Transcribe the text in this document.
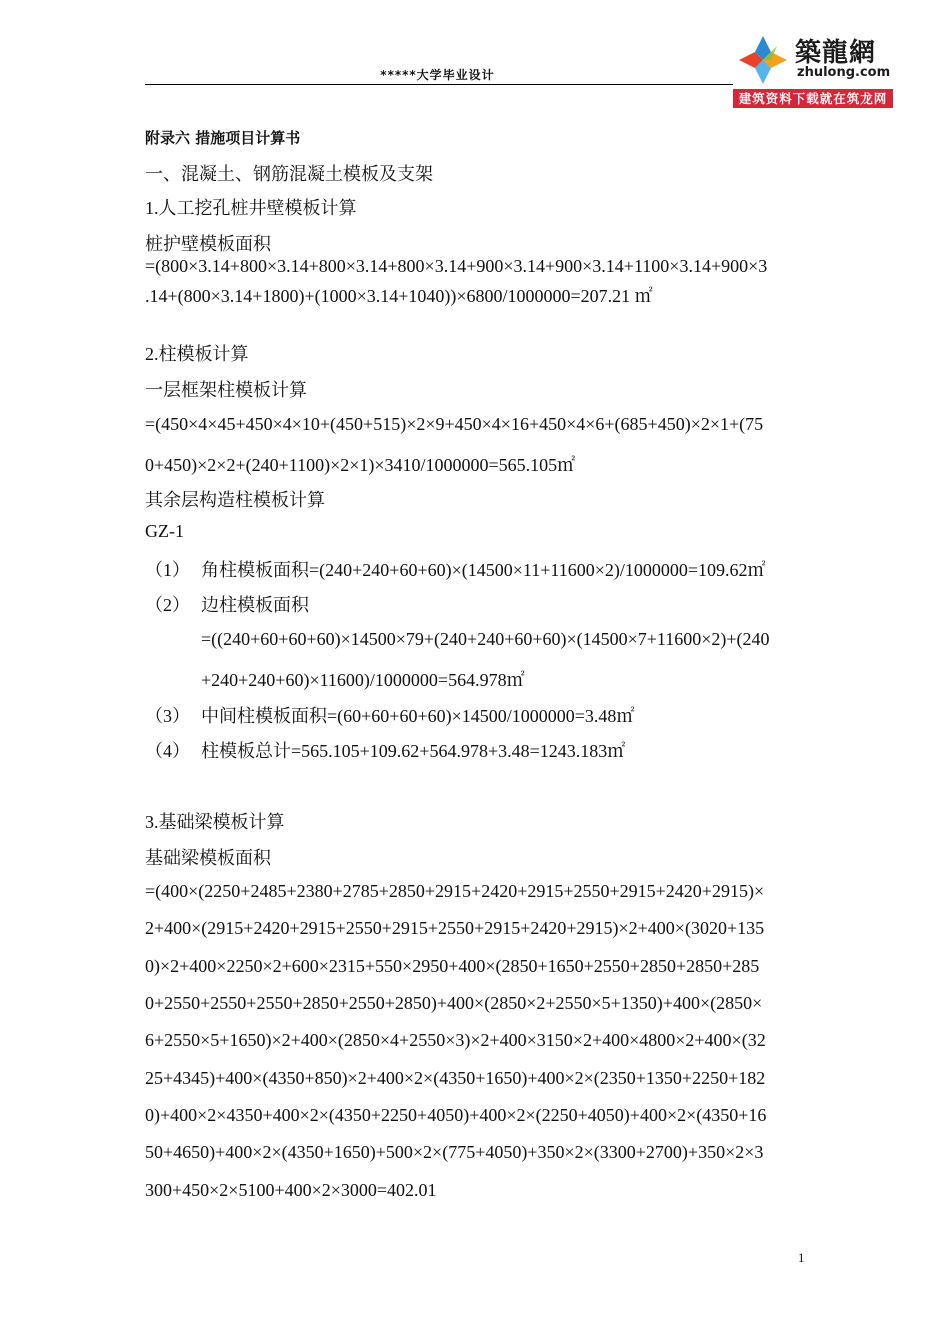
*****大学毕业设计
築龍網
zhulong.com
建筑资料下载就在筑龙网
附录六 措施项目计算书
一、混凝土、钢筋混凝土模板及支架
1.人工挖孔桩井壁模板计算
桩护壁模板面积
=(800×3.14+800×3.14+800×3.14+800×3.14+900×3.14+900×3.14+1100×3.14+900×3
.14+(800×3.14+1800)+(1000×3.14+1040))×6800/1000000=207.21 ㎡
2.柱模板计算
一层框架柱模板计算
=(450×4×45+450×4×10+(450+515)×2×9+450×4×16+450×4×6+(685+450)×2×1+(75
0+450)×2×2+(240+1100)×2×1)×3410/1000000=565.105㎡
其余层构造柱模板计算
GZ-1
（1） 角柱模板面积=(240+240+60+60)×(14500×11+11600×2)/1000000=109.62㎡
（2） 边柱模板面积
=((240+60+60+60)×14500×79+(240+240+60+60)×(14500×7+11600×2)+(240
+240+240+60)×11600)/1000000=564.978㎡
（3） 中间柱模板面积=(60+60+60+60)×14500/1000000=3.48㎡
（4） 柱模板总计=565.105+109.62+564.978+3.48=1243.183㎡
3.基础梁模板计算
基础梁模板面积
=(400×(2250+2485+2380+2785+2850+2915+2420+2915+2550+2915+2420+2915)×
2+400×(2915+2420+2915+2550+2915+2550+2915+2420+2915)×2+400×(3020+135
0)×2+400×2250×2+600×2315+550×2950+400×(2850+1650+2550+2850+2850+285
0+2550+2550+2550+2850+2550+2850)+400×(2850×2+2550×5+1350)+400×(2850×
6+2550×5+1650)×2+400×(2850×4+2550×3)×2+400×3150×2+400×4800×2+400×(32
25+4345)+400×(4350+850)×2+400×2×(4350+1650)+400×2×(2350+1350+2250+182
0)+400×2×4350+400×2×(4350+2250+4050)+400×2×(2250+4050)+400×2×(4350+16
50+4650)+400×2×(4350+1650)+500×2×(775+4050)+350×2×(3300+2700)+350×2×3
300+450×2×5100+400×2×3000=402.01
1
